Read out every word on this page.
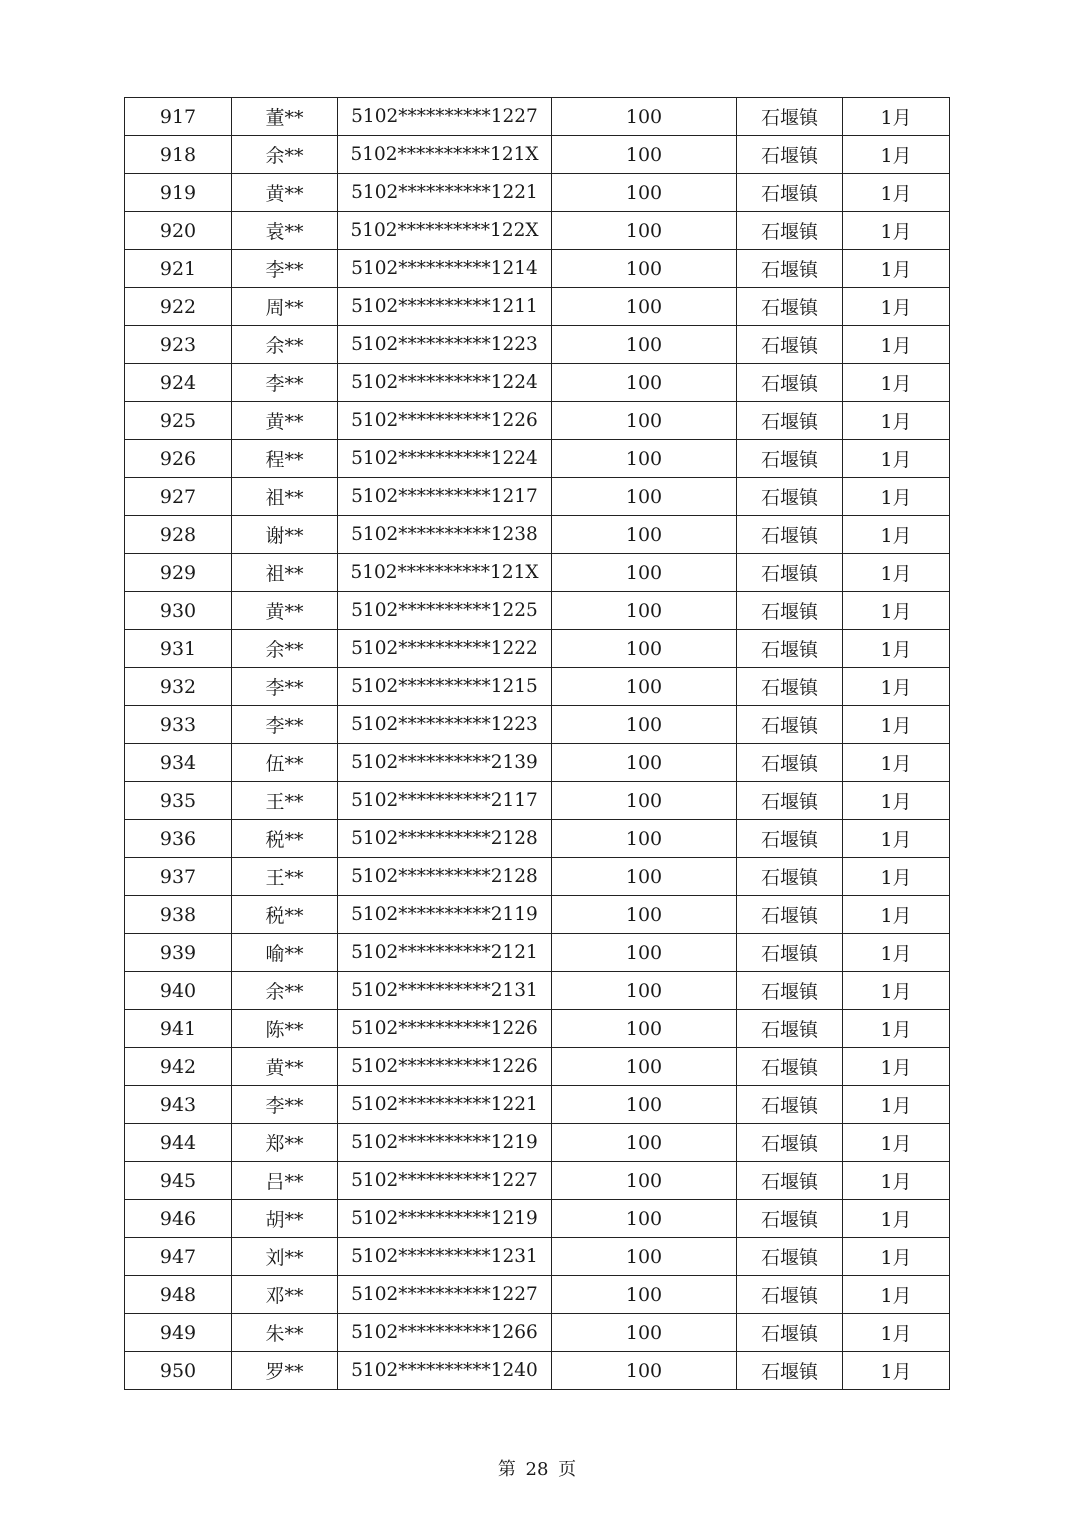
917	董**	5102**********1227	100	石堰镇	1月
918	余**	5102**********121X	100	石堰镇	1月
919	黄**	5102**********1221	100	石堰镇	1月
920	袁**	5102**********122X	100	石堰镇	1月
921	李**	5102**********1214	100	石堰镇	1月
922	周**	5102**********1211	100	石堰镇	1月
923	余**	5102**********1223	100	石堰镇	1月
924	李**	5102**********1224	100	石堰镇	1月
925	黄**	5102**********1226	100	石堰镇	1月
926	程**	5102**********1224	100	石堰镇	1月
927	祖**	5102**********1217	100	石堰镇	1月
928	谢**	5102**********1238	100	石堰镇	1月
929	祖**	5102**********121X	100	石堰镇	1月
930	黄**	5102**********1225	100	石堰镇	1月
931	余**	5102**********1222	100	石堰镇	1月
932	李**	5102**********1215	100	石堰镇	1月
933	李**	5102**********1223	100	石堰镇	1月
934	伍**	5102**********2139	100	石堰镇	1月
935	王**	5102**********2117	100	石堰镇	1月
936	税**	5102**********2128	100	石堰镇	1月
937	王**	5102**********2128	100	石堰镇	1月
938	税**	5102**********2119	100	石堰镇	1月
939	喻**	5102**********2121	100	石堰镇	1月
940	余**	5102**********2131	100	石堰镇	1月
941	陈**	5102**********1226	100	石堰镇	1月
942	黄**	5102**********1226	100	石堰镇	1月
943	李**	5102**********1221	100	石堰镇	1月
944	郑**	5102**********1219	100	石堰镇	1月
945	吕**	5102**********1227	100	石堰镇	1月
946	胡**	5102**********1219	100	石堰镇	1月
947	刘**	5102**********1231	100	石堰镇	1月
948	邓**	5102**********1227	100	石堰镇	1月
949	朱**	5102**********1266	100	石堰镇	1月
950	罗**	5102**********1240	100	石堰镇	1月
第 28 页
